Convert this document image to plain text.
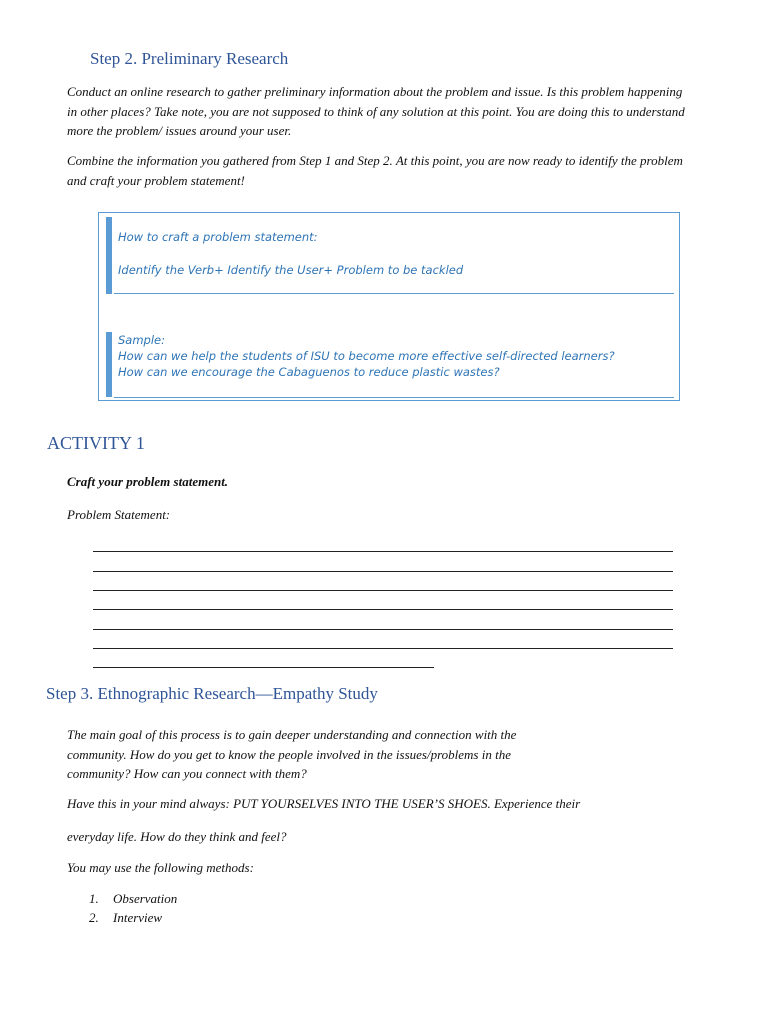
Step 2. Preliminary Research
Conduct an online research to gather preliminary information about the problem and issue. Is this problem happening in other places? Take note, you are not supposed to think of any solution at this point. You are doing this to understand more the problem/ issues around your user.
Combine the information you gathered from Step 1 and Step 2. At this point, you are now ready to identify the problem and craft your problem statement!
How to craft a problem statement:
Identify the Verb+ Identify the User+ Problem to be tackled
Sample:
How can we help the students of ISU to become more effective self-directed learners?
How can we encourage the Cabaguenos to reduce plastic wastes?
ACTIVITY 1
Craft your problem statement.
Problem Statement:
Step 3. Ethnographic Research—Empathy Study
The main goal of this process is to gain deeper understanding and connection with the community. How do you get to know the people involved in the issues/problems in the community? How can you connect with them?
Have this in your mind always: PUT YOURSELVES INTO THE USER’S SHOES. Experience their
everyday life. How do they think and feel?
You may use the following methods:
1. Observation
2. Interview
